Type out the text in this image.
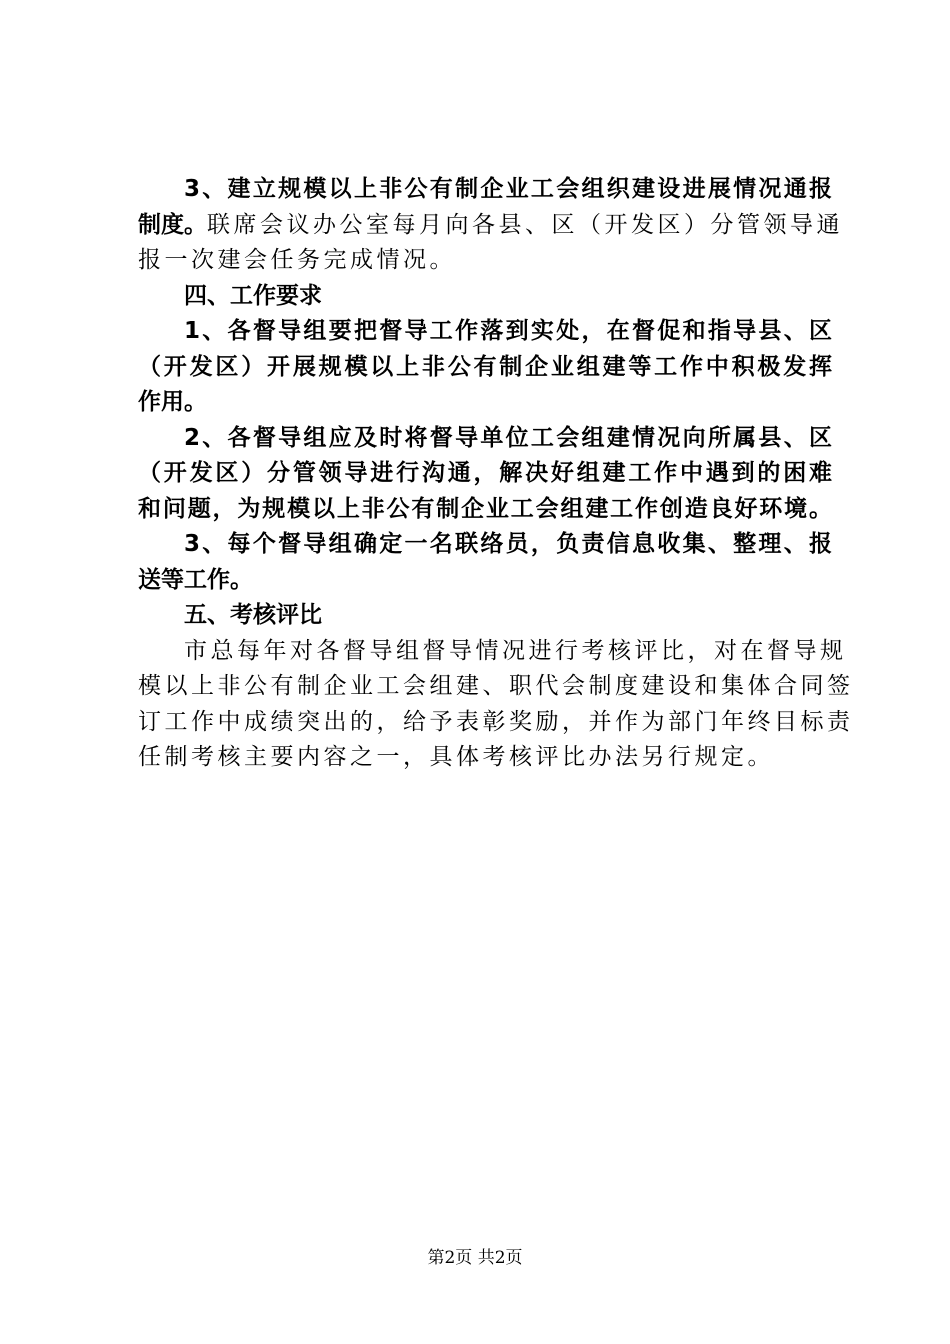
3、建立规模以上非公有制企业工会组织建设进展情况通报
制度。联席会议办公室每月向各县、区（开发区）分管领导通
报一次建会任务完成情况。
四、工作要求
1、各督导组要把督导工作落到实处，在督促和指导县、区
（开发区）开展规模以上非公有制企业组建等工作中积极发挥
作用。
2、各督导组应及时将督导单位工会组建情况向所属县、区
（开发区）分管领导进行沟通，解决好组建工作中遇到的困难
和问题，为规模以上非公有制企业工会组建工作创造良好环境。
3、每个督导组确定一名联络员，负责信息收集、整理、报
送等工作。
五、考核评比
市总每年对各督导组督导情况进行考核评比，对在督导规
模以上非公有制企业工会组建、职代会制度建设和集体合同签
订工作中成绩突出的，给予表彰奖励，并作为部门年终目标责
任制考核主要内容之一，具体考核评比办法另行规定。
第2页 共2页
